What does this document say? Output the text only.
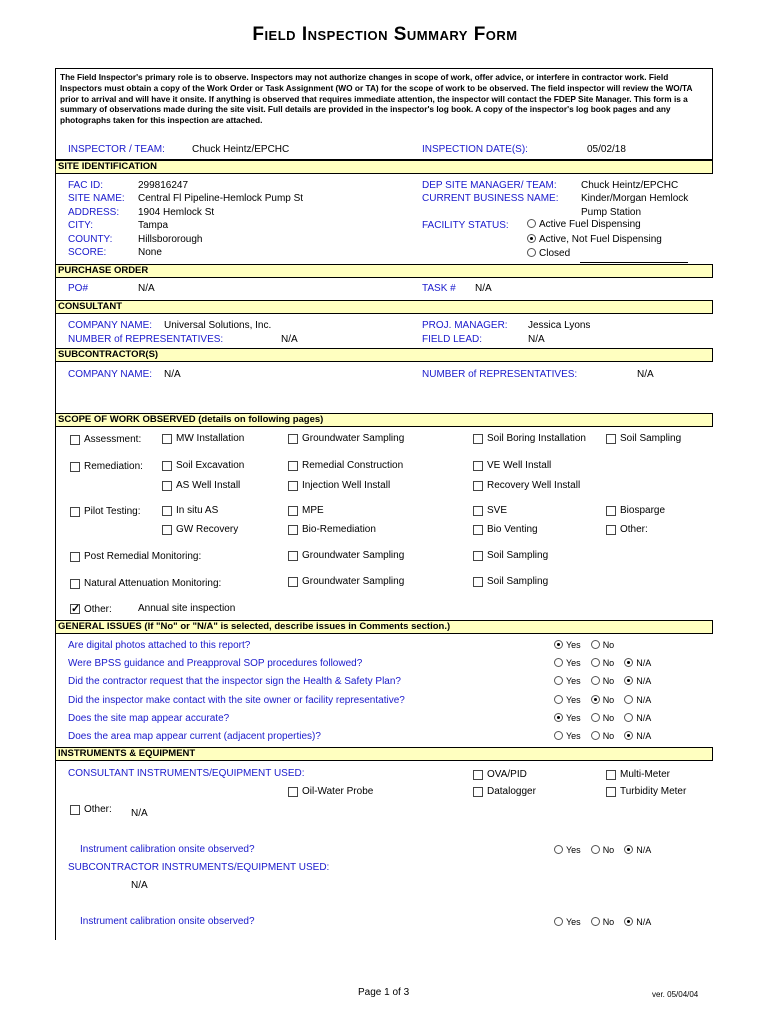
Field Inspection Summary Form
The Field Inspector's primary role is to observe. Inspectors may not authorize changes in scope of work, offer advice, or interfere in contractor work. Field Inspectors must obtain a copy of the Work Order or Task Assignment (WO or TA) for the scope of work to be observed. The field inspector will review the WO/TA prior to arrival and will have it onsite. If anything is observed that requires immediate attention, the inspector will contact the FDEP Site Manager. This form is a summary of observations made during the site visit. Full details are provided in the inspector's log book. A copy of the inspector's log book pages and any photographs taken for this inspection are attached.
INSPECTOR / TEAM:	Chuck Heintz/EPCHC	INSPECTION DATE(S):	05/02/18
SITE IDENTIFICATION
FAC ID:	299816247
SITE NAME: Central Fl Pipeline-Hemlock Pump St
ADDRESS: 1904 Hemlock St
CITY:	Tampa
COUNTY:	Hillsbororough
SCORE:	None
DEP SITE MANAGER/ TEAM: Chuck Heintz/EPCHC
CURRENT BUSINESS NAME: Kinder/Morgan Hemlock
Pump Station
FACILITY STATUS:	Active Fuel Dispensing
Active, Not Fuel Dispensing
Closed
PURCHASE ORDER
PO#	N/A	TASK # N/A
CONSULTANT
COMPANY NAME: Universal Solutions, Inc.
NUMBER of REPRESENTATIVES:	N/A
PROJ. MANAGER: Jessica Lyons
FIELD LEAD:	N/A
SUBCONTRACTOR(S)
COMPANY NAME: N/A	NUMBER of REPRESENTATIVES:	N/A
SCOPE OF WORK OBSERVED (details on following pages)
Assessment:	MW Installation	Groundwater Sampling	Soil Boring Installation	Soil Sampling
Remediation:	Soil Excavation	Remedial Construction	VE Well Install
AS Well Install	Injection Well Install	Recovery Well Install
Pilot Testing:	In situ AS	MPE	SVE	Biosparge
GW Recovery	Bio-Remediation	Bio Venting	Other:
Post Remedial Monitoring:	Groundwater Sampling	Soil Sampling
Natural Attenuation Monitoring:	Groundwater Sampling	Soil Sampling
✓
Other:	Annual site inspection
GENERAL ISSUES (If "No" or "N/A" is selected, describe issues in Comments section.)
Are digital photos attached to this report?	Yes No
Were BPSS guidance and Preapproval SOP procedures followed?	Yes No N/A
Did the contractor request that the inspector sign the Health & Safety Plan?	Yes No N/A
Did the inspector make contact with the site owner or facility representative?	Yes No N/A
Does the site map appear accurate?	Yes No N/A
Does the area map appear current (adjacent properties)?	Yes No N/A
INSTRUMENTS & EQUIPMENT
CONSULTANT INSTRUMENTS/EQUIPMENT USED:	OVA/PID	Multi-Meter
Oil-Water Probe	Datalogger	Turbidity Meter
Other: N/A
Instrument calibration onsite observed?	Yes No N/A
SUBCONTRACTOR INSTRUMENTS/EQUIPMENT USED:
N/A
Instrument calibration onsite observed?	Yes No N/A
Page 1 of 3	ver. 05/04/04
